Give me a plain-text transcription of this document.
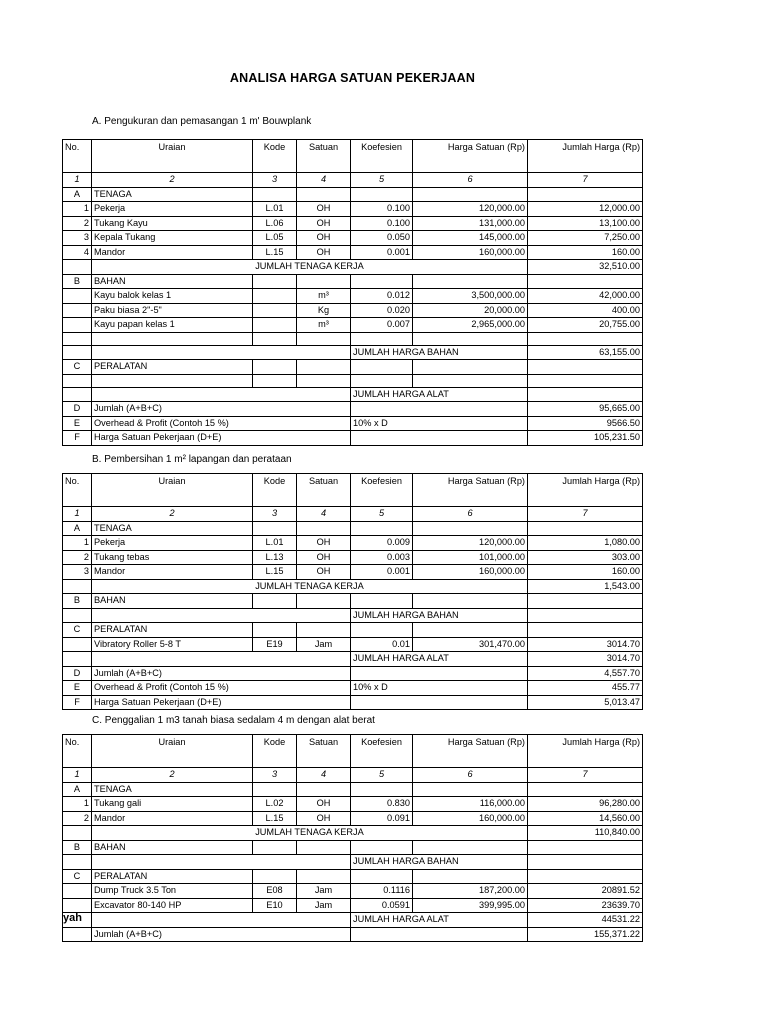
ANALISA HARGA SATUAN PEKERJAAN
A. Pengukuran dan pemasangan 1 m' Bouwplank
No.	Uraian	Kode	Satuan	Koefesien	Harga Satuan (Rp)	Jumlah Harga (Rp)
1	2	3	4	5	6	7
A	TENAGA					
1	Pekerja	L.01	OH	0.100	120,000.00	12,000.00
2	Tukang Kayu	L.06	OH	0.100	131,000.00	13,100.00
3	Kepala Tukang	L.05	OH	0.050	145,000.00	7,250.00
4	Mandor	L.15	OH	0.001	160,000.00	160.00
	JUMLAH TENAGA KERJA					32,510.00
B	BAHAN					
	Kayu balok kelas 1		m³	0.012	3,500,000.00	42,000.00
	Paku biasa 2"-5"		Kg	0.020	20,000.00	400.00
	Kayu papan kelas 1		m³	0.007	2,965,000.00	20,755.00

				JUMLAH HARGA BAHAN		63,155.00
C	PERALATAN					

				JUMLAH HARGA ALAT		
D	Jumlah (A+B+C)					95,665.00
E	Overhead & Profit (Contoh 15 %)			10% x D		9566.50
F	Harga Satuan Pekerjaan (D+E)					105,231.50
B. Pembersihan 1 m² lapangan dan perataan
No.	Uraian	Kode	Satuan	Koefesien	Harga Satuan (Rp)	Jumlah Harga (Rp)
1	2	3	4	5	6	7
A	TENAGA					
1	Pekerja	L.01	OH	0.009	120,000.00	1,080.00
2	Tukang tebas	L.13	OH	0.003	101,000.00	303.00
3	Mandor	L.15	OH	0.001	160,000.00	160.00
	JUMLAH TENAGA KERJA					1,543.00
B	BAHAN					
				JUMLAH HARGA BAHAN		
C	PERALATAN					
	Vibratory Roller 5-8 T	E19	Jam	0.01	301,470.00	3014.70
				JUMLAH HARGA ALAT		3014.70
D	Jumlah (A+B+C)					4,557.70
E	Overhead & Profit (Contoh 15 %)			10% x D		455.77
F	Harga Satuan Pekerjaan (D+E)					5,013.47
C. Penggalian 1 m3 tanah biasa sedalam 4 m dengan alat berat
No.	Uraian	Kode	Satuan	Koefesien	Harga Satuan (Rp)	Jumlah Harga (Rp)
1	2	3	4	5	6	7
A	TENAGA					
1	Tukang gali	L.02	OH	0.830	116,000.00	96,280.00
2	Mandor	L.15	OH	0.091	160,000.00	14,560.00
	JUMLAH TENAGA KERJA					110,840.00
B	BAHAN					
				JUMLAH HARGA BAHAN		
C	PERALATAN					
	Dump Truck 3.5 Ton	E08	Jam	0.1116	187,200.00	20891.52
	Excavator 80-140 HP	E10	Jam	0.0591	399,995.00	23639.70
				JUMLAH HARGA ALAT		44531.22
	Jumlah (A+B+C)					155,371.22
yah
